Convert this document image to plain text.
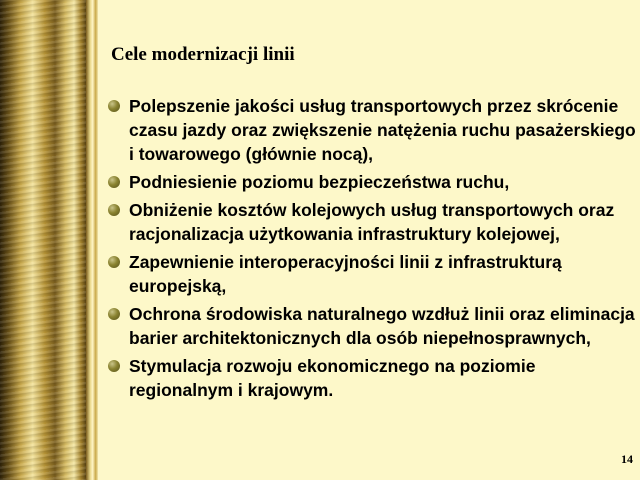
Cele modernizacji linii
Polepszenie jakości usług transportowych przez skrócenie czasu jazdy oraz zwiększenie natężenia ruchu pasażerskiego i towarowego (głównie nocą),
Podniesienie poziomu bezpieczeństwa ruchu,
Obniżenie kosztów kolejowych usług transportowych oraz racjonalizacja użytkowania infrastruktury kolejowej,
Zapewnienie interoperacyjności linii z infrastrukturą europejską,
Ochrona środowiska naturalnego wzdłuż linii oraz eliminacja barier architektonicznych dla osób niepełnosprawnych,
Stymulacja rozwoju ekonomicznego na poziomie regionalnym i krajowym.
14
